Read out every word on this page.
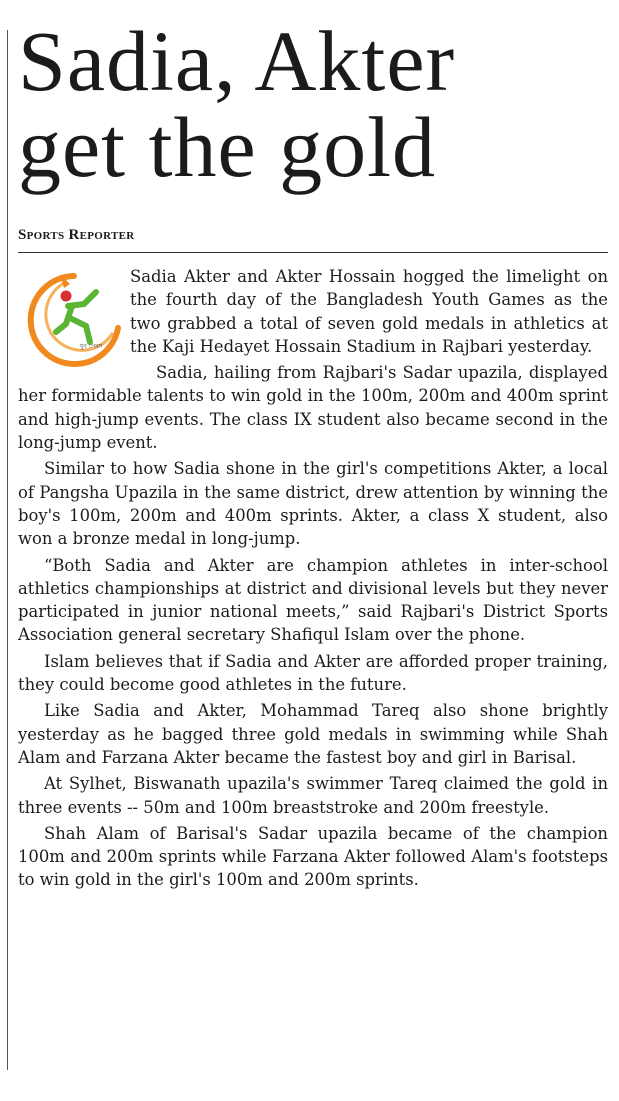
Sadia, Akter
get the gold
Sports Reporter
যুব গেমস

Sadia Akter and Akter Hossain hogged the limelight on the fourth day of the Bangladesh Youth Games as the two grabbed a total of seven gold medals in athletics at the Kaji Hedayet Hossain Stadium in Rajbari yesterday.

Sadia, hailing from Rajbari's Sadar upazila, displayed her formidable talents to win gold in the 100m, 200m and 400m sprint and high-jump events. The class IX student also became second in the long-jump event.

Similar to how Sadia shone in the girl's competitions Akter, a local of Pangsha Upazila in the same district, drew attention by winning the boy's 100m, 200m and 400m sprints. Akter, a class X student, also won a bronze medal in long-jump.

“Both Sadia and Akter are champion athletes in inter-school athletics championships at district and divisional levels but they never participated in junior national meets,” said Rajbari's District Sports Association general secretary Shafiqul Islam over the phone.

Islam believes that if Sadia and Akter are afforded proper training, they could become good athletes in the future.

Like Sadia and Akter, Mohammad Tareq also shone brightly yesterday as he bagged three gold medals in swimming while Shah Alam and Farzana Akter became the fastest boy and girl in Barisal.

At Sylhet, Biswanath upazila's swimmer Tareq claimed the gold in three events -- 50m and 100m breaststroke and 200m freestyle.

Shah Alam of Barisal's Sadar upazila became of the champion 100m and 200m sprints while Farzana Akter followed Alam's footsteps to win gold in the girl's 100m and 200m sprints.
